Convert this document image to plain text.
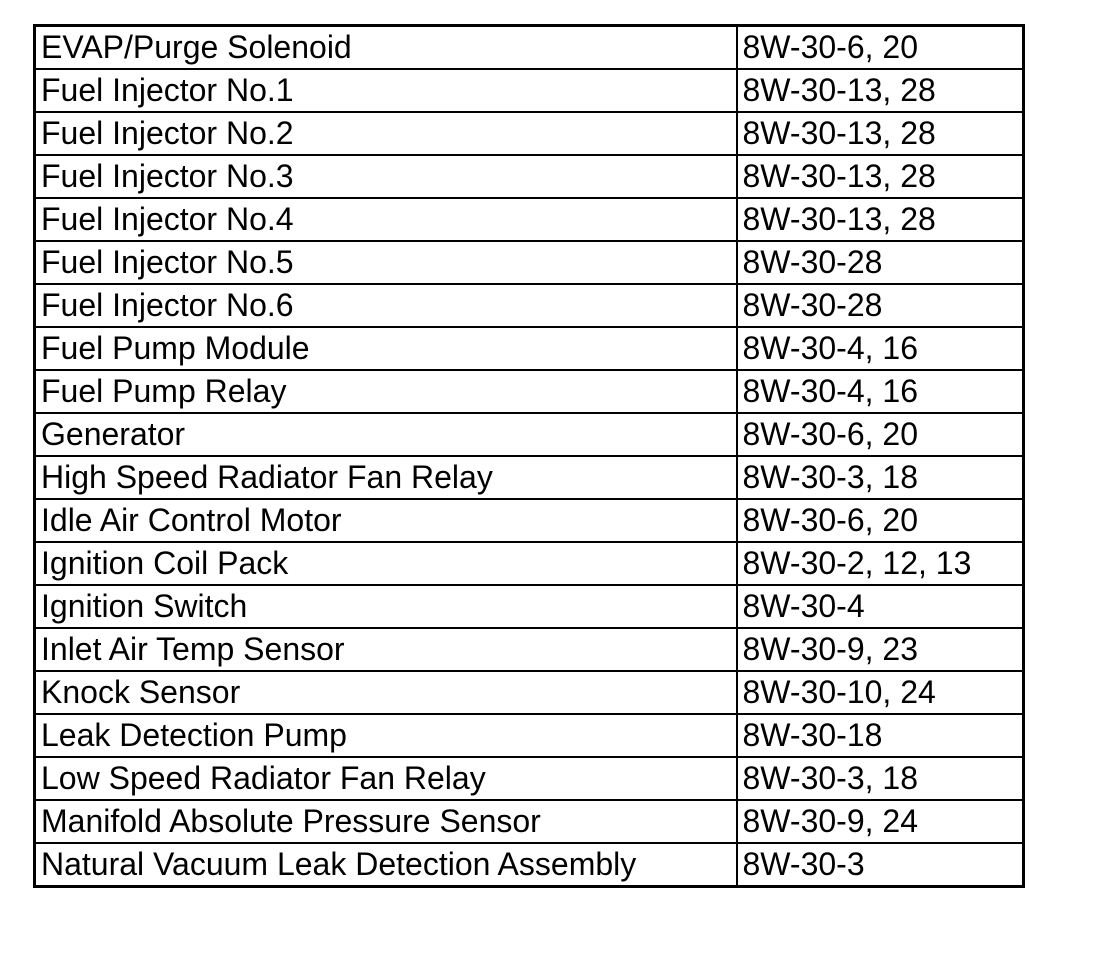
EVAP/Purge Solenoid	8W-30-6, 20
Fuel Injector No.1	8W-30-13, 28
Fuel Injector No.2	8W-30-13, 28
Fuel Injector No.3	8W-30-13, 28
Fuel Injector No.4	8W-30-13, 28
Fuel Injector No.5	8W-30-28
Fuel Injector No.6	8W-30-28
Fuel Pump Module	8W-30-4, 16
Fuel Pump Relay	8W-30-4, 16
Generator	8W-30-6, 20
High Speed Radiator Fan Relay	8W-30-3, 18
Idle Air Control Motor	8W-30-6, 20
Ignition Coil Pack	8W-30-2, 12, 13
Ignition Switch	8W-30-4
Inlet Air Temp Sensor	8W-30-9, 23
Knock Sensor	8W-30-10, 24
Leak Detection Pump	8W-30-18
Low Speed Radiator Fan Relay	8W-30-3, 18
Manifold Absolute Pressure Sensor	8W-30-9, 24
Natural Vacuum Leak Detection Assembly	8W-30-3
